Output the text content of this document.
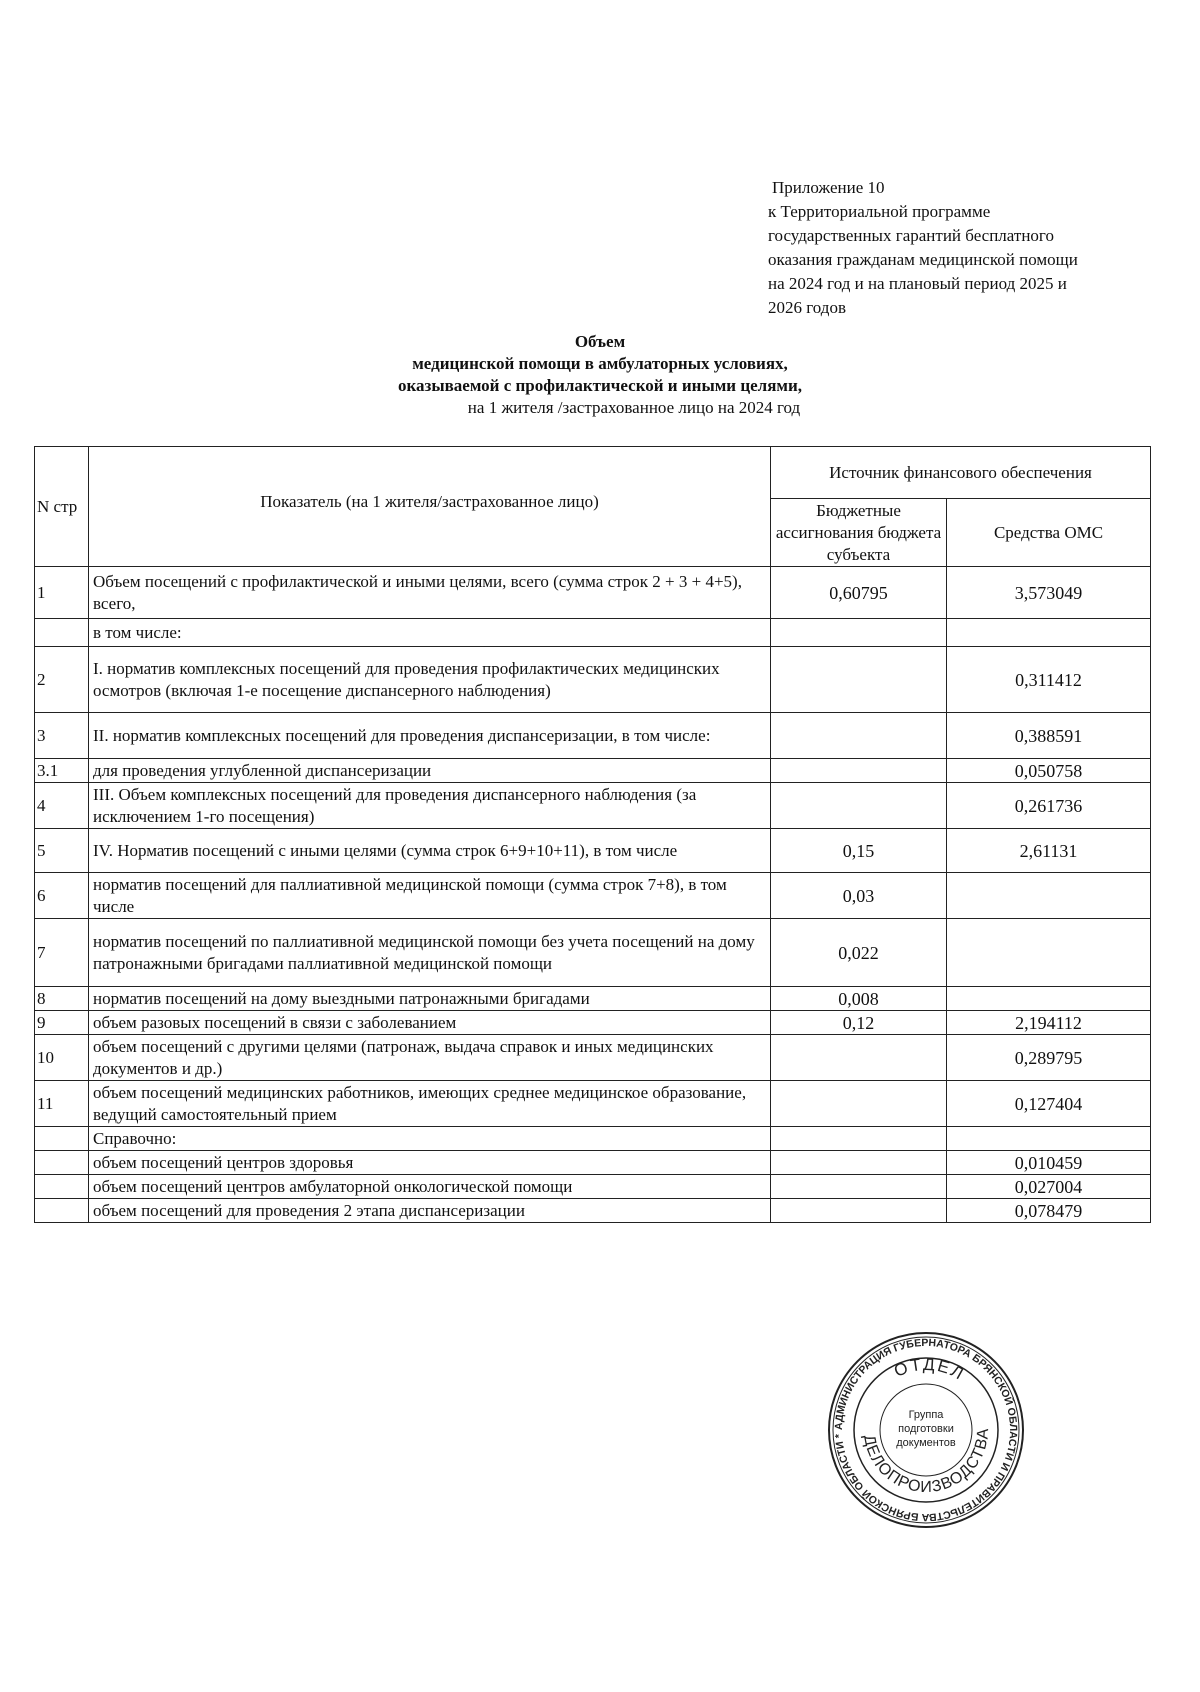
Приложение 10
к Территориальной программе
государственных гарантий бесплатного
оказания гражданам медицинской помощи
на 2024 год и на плановый период 2025 и
2026 годов
Объем
медицинской помощи в амбулаторных условиях,
оказываемой с профилактической и иными целями,
на 1 жителя /застрахованное лицо на 2024 год
N стр	Показатель (на 1 жителя/застрахованное лицо)	Источник финансового обеспечения	
		Бюджетные ассигнования бюджета субъекта	Средства ОМС
1	Объем посещений с профилактической и иными целями, всего (сумма строк 2 + 3 + 4+5), всего,	0,60795	3,573049
	в том числе:		
2	I. норматив комплексных посещений для проведения профилактических медицинских осмотров (включая 1-е посещение диспансерного наблюдения)		0,311412
3	II. норматив комплексных посещений для проведения диспансеризации, в том числе:		0,388591
3.1	для проведения углубленной диспансеризации		0,050758
4	III. Объем комплексных посещений для проведения диспансерного наблюдения (за исключением 1-го посещения)		0,261736
5	IV. Норматив посещений с иными целями (сумма строк 6+9+10+11), в том числе	0,15	2,61131
6	норматив посещений для паллиативной медицинской помощи (сумма строк 7+8), в том числе	0,03	
7	норматив посещений по паллиативной медицинской помощи без учета посещений на дому патронажными бригадами паллиативной медицинской помощи	0,022	
8	норматив посещений на дому выездными патронажными бригадами	0,008	
9	объем разовых посещений в связи с заболеванием	0,12	2,194112
10	объем посещений с другими целями (патронаж, выдача справок и иных медицинских документов и др.)		0,289795
11	объем посещений медицинских работников, имеющих среднее медицинское образование, ведущий самостоятельный прием		0,127404
	Справочно:		
	объем посещений центров здоровья		0,010459
	объем посещений центров амбулаторной онкологической помощи		0,027004
	объем посещений для проведения 2 этапа диспансеризации		0,078479
АДМИНИСТРАЦИЯ ГУБЕРНАТОРА БРЯНСКОЙ ОБЛАСТИ И ПРАВИТЕЛЬСТВА БРЯНСКОЙ ОБЛАСТИ *
ОТДЕЛ
ДЕЛОПРОИЗВОДСТВА
Группа
подготовки
документов
